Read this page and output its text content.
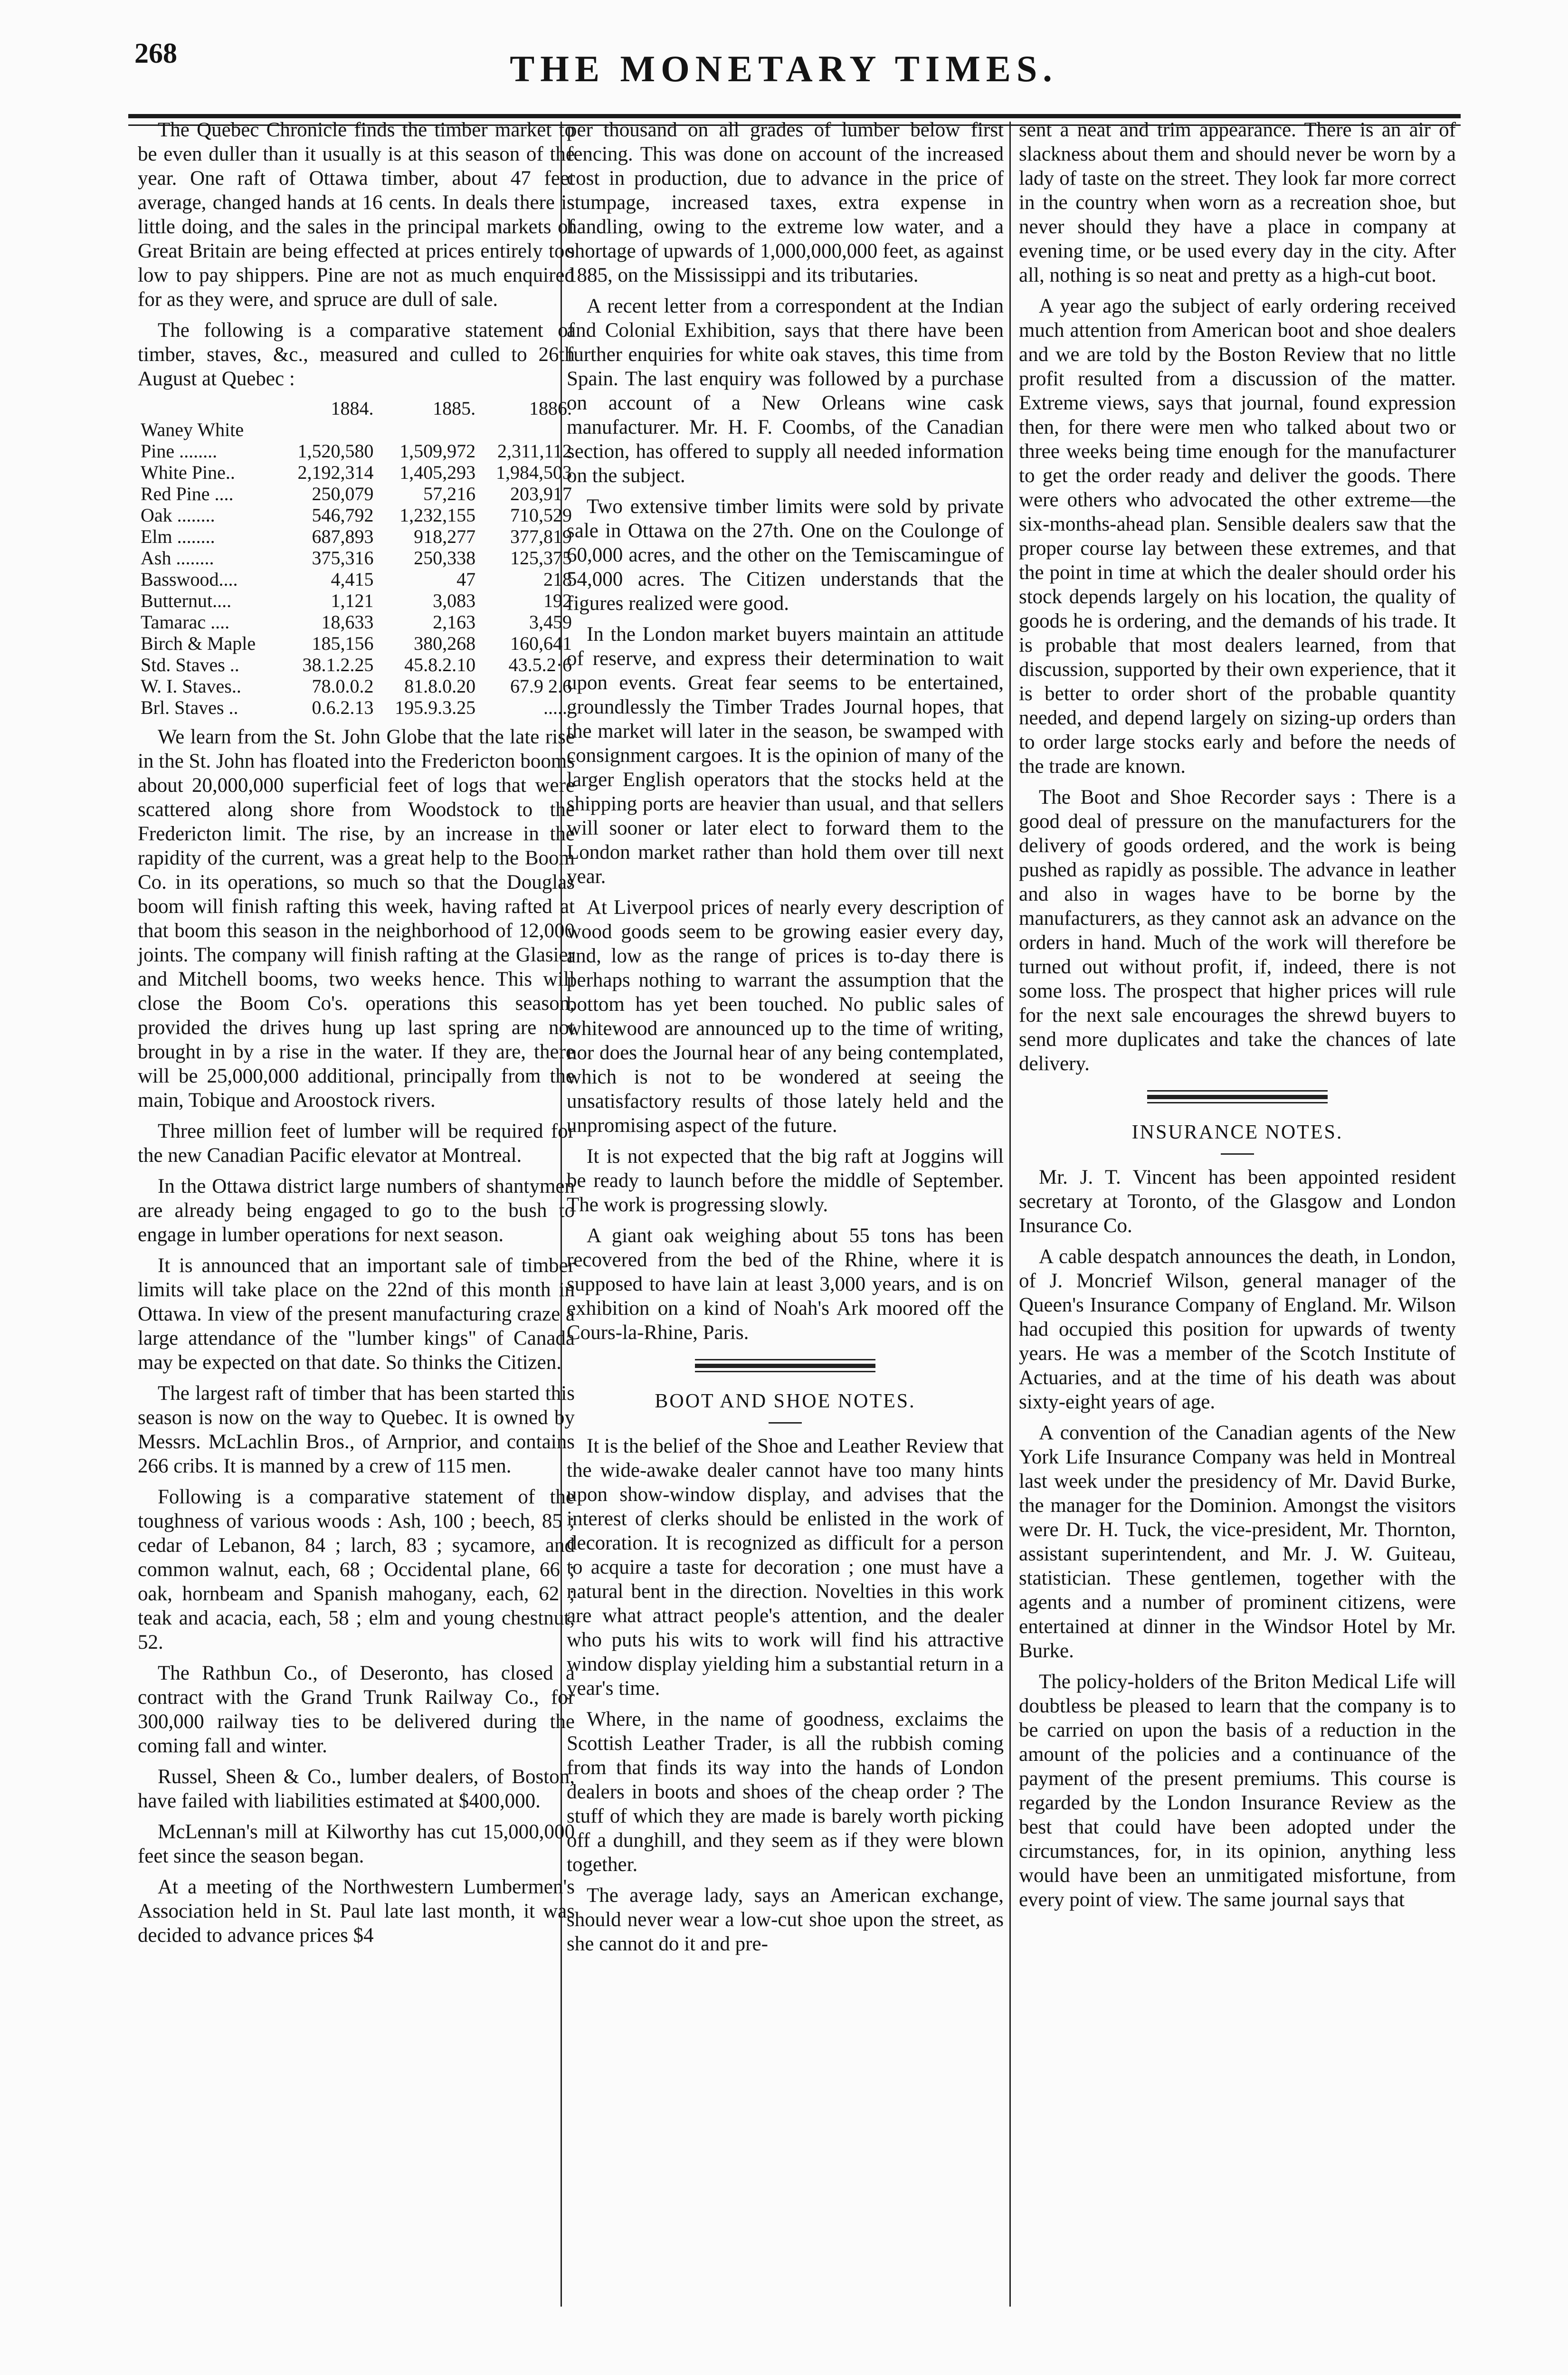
268	THE MONETARY TIMES.

The Quebec Chronicle finds the timber market to be even duller than it usually is at this season of the year. One raft of Ottawa timber, about 47 feet average, changed hands at 16 cents. In deals there is little doing, and the sales in the principal markets of Great Britain are being effected at prices entirely too low to pay shippers. Pine are not as much enquired for as they were, and spruce are dull of sale.

The following is a comparative statement of timber, staves, &c., measured and culled to 26th August at Quebec :

	1884.	1885.	1886.
Waney White			
Pine ........	1,520,580	1,509,972	2,311,112
White Pine..	2,192,314	1,405,293	1,984,503
Red Pine ....	250,079	57,216	203,917
Oak ........	546,792	1,232,155	710,529
Elm ........	687,893	918,277	377,819
Ash ........	375,316	250,338	125,375
Basswood....	4,415	47	218
Butternut....	1,121	3,083	192
Tamarac ....	18,633	2,163	3,459
Birch & Maple	185,156	380,268	160,641
Std. Staves ..	38.1.2.25	45.8.2.10	43.5.2·6
W. I. Staves..	78.0.0.2	81.8.0.20	67.9 2.6
Brl. Staves ..	0.6.2.13	195.9.3.25	......

We learn from the St. John Globe that the late rise in the St. John has floated into the Fredericton booms about 20,000,000 superficial feet of logs that were scattered along shore from Woodstock to the Fredericton limit. The rise, by an increase in the rapidity of the current, was a great help to the Boom Co. in its operations, so much so that the Douglas boom will finish rafting this week, having rafted at that boom this season in the neighborhood of 12,000 joints. The company will finish rafting at the Glasier and Mitchell booms, two weeks hence. This will close the Boom Co's. operations this season, provided the drives hung up last spring are not brought in by a rise in the water. If they are, there will be 25,000,000 additional, principally from the main, Tobique and Aroostock rivers.

Three million feet of lumber will be required for the new Canadian Pacific elevator at Montreal.

In the Ottawa district large numbers of shantymen are already being engaged to go to the bush to engage in lumber operations for next season.

It is announced that an important sale of timber limits will take place on the 22nd of this month in Ottawa. In view of the present manufacturing craze a large attendance of the "lumber kings" of Canada may be expected on that date. So thinks the Citizen.

The largest raft of timber that has been started this season is now on the way to Quebec. It is owned by Messrs. McLachlin Bros., of Arnprior, and contains 266 cribs. It is manned by a crew of 115 men.

Following is a comparative statement of the toughness of various woods : Ash, 100 ; beech, 85 ; cedar of Lebanon, 84 ; larch, 83 ; sycamore, and common walnut, each, 68 ; Occidental plane, 66 ; oak, hornbeam and Spanish mahogany, each, 62 ; teak and acacia, each, 58 ; elm and young chestnut, 52.

The Rathbun Co., of Deseronto, has closed a contract with the Grand Trunk Railway Co., for 300,000 railway ties to be delivered during the coming fall and winter.

Russel, Sheen & Co., lumber dealers, of Boston, have failed with liabilities estimated at $400,000.

McLennan's mill at Kilworthy has cut 15,000,000 feet since the season began.

At a meeting of the Northwestern Lumbermen's Association held in St. Paul late last month, it was decided to advance prices $4

per thousand on all grades of lumber below first fencing. This was done on account of the increased cost in production, due to advance in the price of stumpage, increased taxes, extra expense in handling, owing to the extreme low water, and a shortage of upwards of 1,000,000,000 feet, as against 1885, on the Mississippi and its tributaries.

A recent letter from a correspondent at the Indian and Colonial Exhibition, says that there have been further enquiries for white oak staves, this time from Spain. The last enquiry was followed by a purchase on account of a New Orleans wine cask manufacturer. Mr. H. F. Coombs, of the Canadian section, has offered to supply all needed information on the subject.

Two extensive timber limits were sold by private sale in Ottawa on the 27th. One on the Coulonge of 60,000 acres, and the other on the Temiscamingue of 54,000 acres. The Citizen understands that the figures realized were good.

In the London market buyers maintain an attitude of reserve, and express their determination to wait upon events. Great fear seems to be entertained, groundlessly the Timber Trades Journal hopes, that the market will later in the season, be swamped with consignment cargoes. It is the opinion of many of the larger English operators that the stocks held at the shipping ports are heavier than usual, and that sellers will sooner or later elect to forward them to the London market rather than hold them over till next year.

At Liverpool prices of nearly every description of wood goods seem to be growing easier every day, and, low as the range of prices is to-day there is perhaps nothing to warrant the assumption that the bottom has yet been touched. No public sales of whitewood are announced up to the time of writing, nor does the Journal hear of any being contemplated, which is not to be wondered at seeing the unsatisfactory results of those lately held and the unpromising aspect of the future.

It is not expected that the big raft at Joggins will be ready to launch before the middle of September. The work is progressing slowly.

A giant oak weighing about 55 tons has been recovered from the bed of the Rhine, where it is supposed to have lain at least 3,000 years, and is on exhibition on a kind of Noah's Ark moored off the Cours-la-Rhine, Paris.

BOOT AND SHOE NOTES.

It is the belief of the Shoe and Leather Review that the wide-awake dealer cannot have too many hints upon show-window display, and advises that the interest of clerks should be enlisted in the work of decoration. It is recognized as difficult for a person to acquire a taste for decoration ; one must have a natural bent in the direction. Novelties in this work are what attract people's attention, and the dealer who puts his wits to work will find his attractive window display yielding him a substantial return in a year's time.

Where, in the name of goodness, exclaims the Scottish Leather Trader, is all the rubbish coming from that finds its way into the hands of London dealers in boots and shoes of the cheap order ? The stuff of which they are made is barely worth picking off a dunghill, and they seem as if they were blown together.

The average lady, says an American exchange, should never wear a low-cut shoe upon the street, as she cannot do it and pre-

sent a neat and trim appearance. There is an air of slackness about them and should never be worn by a lady of taste on the street. They look far more correct in the country when worn as a recreation shoe, but never should they have a place in company at evening time, or be used every day in the city. After all, nothing is so neat and pretty as a high-cut boot.

A year ago the subject of early ordering received much attention from American boot and shoe dealers and we are told by the Boston Review that no little profit resulted from a discussion of the matter. Extreme views, says that journal, found expression then, for there were men who talked about two or three weeks being time enough for the manufacturer to get the order ready and deliver the goods. There were others who advocated the other extreme—the six-months-ahead plan. Sensible dealers saw that the proper course lay between these extremes, and that the point in time at which the dealer should order his stock depends largely on his location, the quality of goods he is ordering, and the demands of his trade. It is probable that most dealers learned, from that discussion, supported by their own experience, that it is better to order short of the probable quantity needed, and depend largely on sizing-up orders than to order large stocks early and before the needs of the trade are known.

The Boot and Shoe Recorder says : There is a good deal of pressure on the manufacturers for the delivery of goods ordered, and the work is being pushed as rapidly as possible. The advance in leather and also in wages have to be borne by the manufacturers, as they cannot ask an advance on the orders in hand. Much of the work will therefore be turned out without profit, if, indeed, there is not some loss. The prospect that higher prices will rule for the next sale encourages the shrewd buyers to send more duplicates and take the chances of late delivery.

INSURANCE NOTES.

Mr. J. T. Vincent has been appointed resident secretary at Toronto, of the Glasgow and London Insurance Co.

A cable despatch announces the death, in London, of J. Moncrief Wilson, general manager of the Queen's Insurance Company of England. Mr. Wilson had occupied this position for upwards of twenty years. He was a member of the Scotch Institute of Actuaries, and at the time of his death was about sixty-eight years of age.

A convention of the Canadian agents of the New York Life Insurance Company was held in Montreal last week under the presidency of Mr. David Burke, the manager for the Dominion. Amongst the visitors were Dr. H. Tuck, the vice-president, Mr. Thornton, assistant superintendent, and Mr. J. W. Guiteau, statistician. These gentlemen, together with the agents and a number of prominent citizens, were entertained at dinner in the Windsor Hotel by Mr. Burke.

The policy-holders of the Briton Medical Life will doubtless be pleased to learn that the company is to be carried on upon the basis of a reduction in the amount of the policies and a continuance of the payment of the present premiums. This course is regarded by the London Insurance Review as the best that could have been adopted under the circumstances, for, in its opinion, anything less would have been an unmitigated misfortune, from every point of view. The same journal says that
